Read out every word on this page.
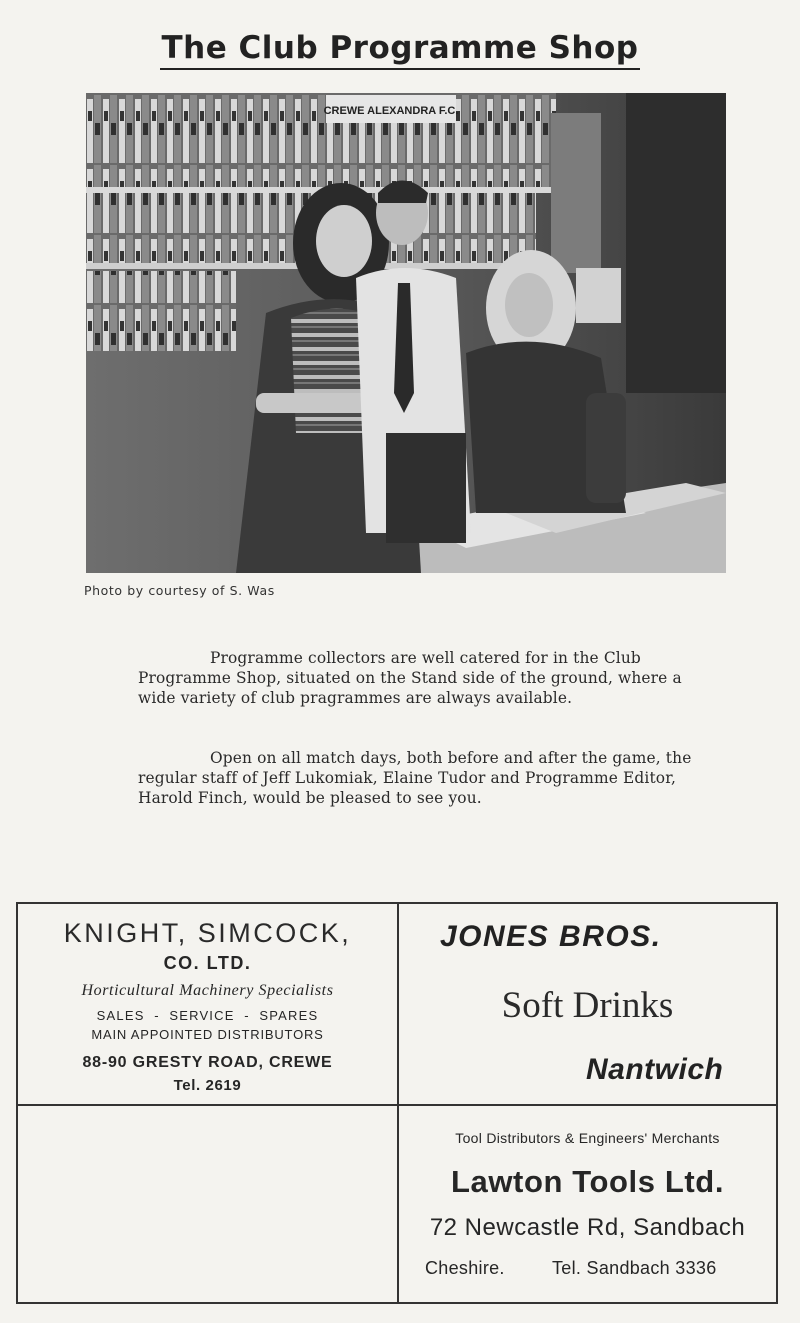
The Club Programme Shop
CREWE ALEXANDRA F.C.
Photo by courtesy of S. Was

Programme collectors are well catered for in the Club Programme Shop, situated on the Stand side of the ground, where a wide variety of club pragrammes are always available.

Open on all match days, both before and after the game, the regular staff of Jeff Lukomiak, Elaine Tudor and Programme Editor, Harold Finch, would be pleased to see you.

KNIGHT, SIMCOCK,
CO. LTD.
Horticultural Machinery Specialists
SALES  -  SERVICE  -  SPARES
MAIN APPOINTED DISTRIBUTORS
88-90 GRESTY ROAD, CREWE
Tel. 2619
JONES BROS.
Soft Drinks
Nantwich
Tool Distributors & Engineers' Merchants
Lawton Tools Ltd.
72 Newcastle Rd, Sandbach
Cheshire.	Tel. Sandbach 3336
